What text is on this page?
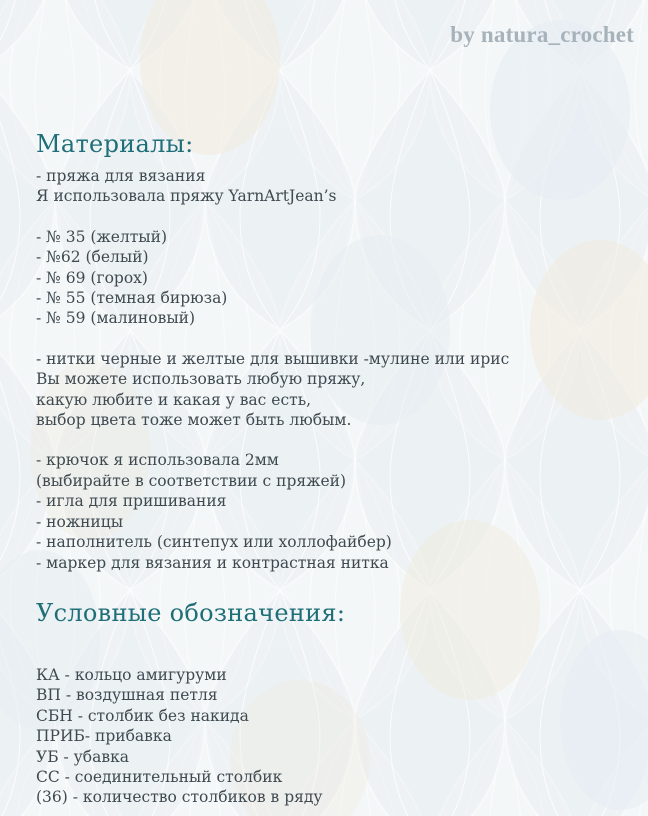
by natura_crochet
Материалы:

- пряжа для вязания

Я использовала пряжу YarnArtJean’s

- № 35 (желтый)

- №62 (белый)

- № 69 (горох)

- № 55 (темная бирюза)

- № 59 (малиновый)

- нитки черные и желтые для вышивки -мулине или ирис

Вы можете использовать любую пряжу,

какую любите и какая у вас есть,

выбор цвета тоже может быть любым.

- крючок я использовала 2мм

(выбирайте в соответствии с пряжей)

- игла для пришивания

- ножницы

- наполнитель (синтепух или холлофайбер)

- маркер для вязания и контрастная нитка

Условные обозначения:

КА - кольцо амигуруми

ВП - воздушная петля

СБН - столбик без накида

ПРИБ- прибавка

УБ - убавка

СС - соединительный столбик

(36) - количество столбиков в ряду
